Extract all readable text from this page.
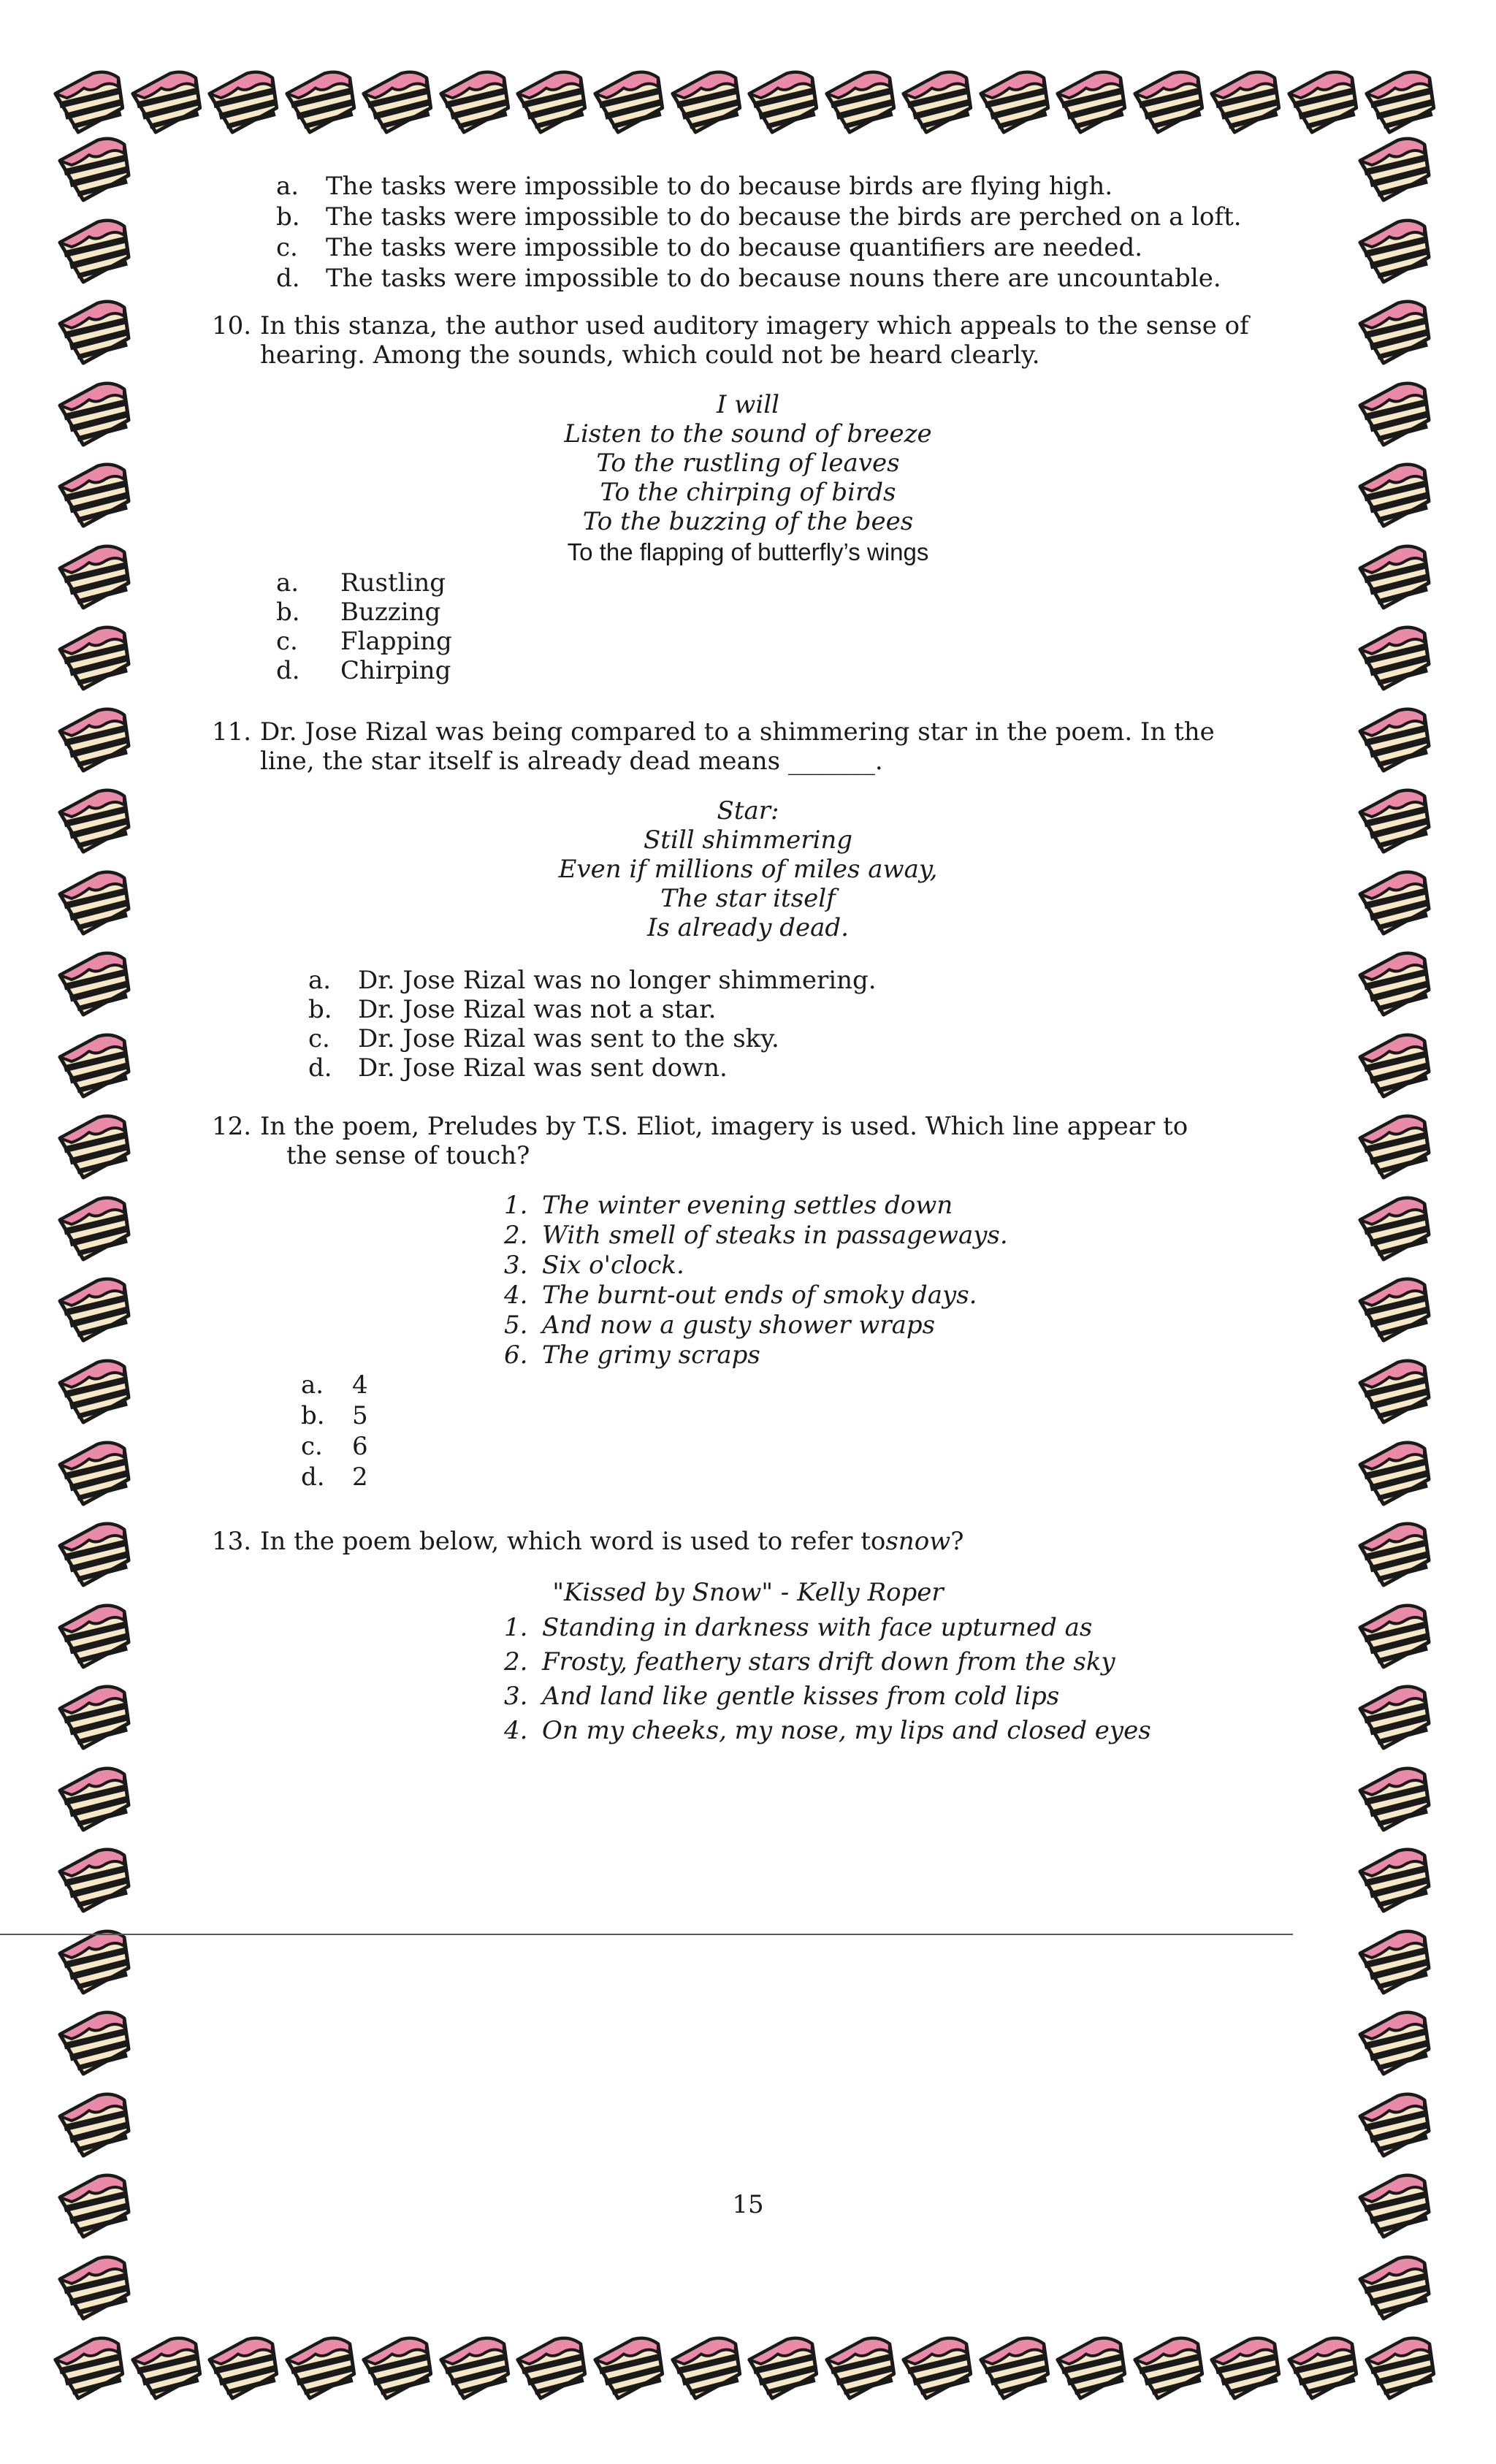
a. The tasks were impossible to do because birds are flying high.
b. The tasks were impossible to do because the birds are perched on a loft.
c. The tasks were impossible to do because quantifiers are needed.
d. The tasks were impossible to do because nouns there are uncountable.
10. In this stanza, the author used auditory imagery which appeals to the sense of
hearing. Among the sounds, which could not be heard clearly.
I will
Listen to the sound of breeze
To the rustling of leaves
To the chirping of birds
To the buzzing of the bees
To the flapping of butterfly’s wings
a. Rustling
b. Buzzing
c. Flapping
d. Chirping
11. Dr. Jose Rizal was being compared to a shimmering star in the poem. In the
line, the star itself is already dead means _______.
Star:
Still shimmering
Even if millions of miles away,
The star itself
Is already dead.
a. Dr. Jose Rizal was no longer shimmering.
b. Dr. Jose Rizal was not a star.
c. Dr. Jose Rizal was sent to the sky.
d. Dr. Jose Rizal was sent down.
12. In the poem, Preludes by T.S. Eliot, imagery is used. Which line appear to
the sense of touch?
1. The winter evening settles down
2. With smell of steaks in passageways.
3. Six o'clock.
4. The burnt-out ends of smoky days.
5. And now a gusty shower wraps
6. The grimy scraps
a. 4
b. 5
c. 6
d. 2
13. In the poem below, which word is used to refer tosnow?
"Kissed by Snow" - Kelly Roper
1. Standing in darkness with face upturned as
2. Frosty, feathery stars drift down from the sky
3. And land like gentle kisses from cold lips
4. On my cheeks, my nose, my lips and closed eyes
15
